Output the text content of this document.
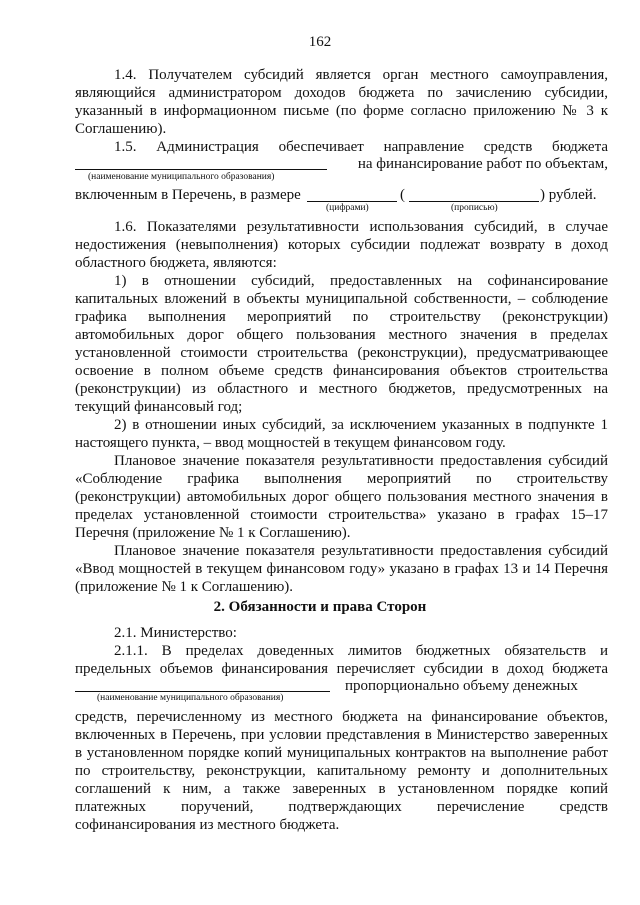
162
1.4. Получателем субсидий является орган местного самоуправления,
являющийся администратором доходов бюджета по зачислению субсидии,
указанный в информационном письме (по форме согласно приложению № 3 к
Соглашению).
1.5. Администрация обеспечивает направление средств бюджета
на финансирование работ по объектам,
(наименование муниципального образования)
включенным в Перечень, в размере	(	) рублей.
(цифрами)	(прописью)
1.6. Показателями результативности использования субсидий, в случае
недостижения (невыполнения) которых субсидии подлежат возврату в доход
областного бюджета, являются:
1) в отношении субсидий, предоставленных на софинансирование
капитальных вложений в объекты муниципальной собственности, – соблюдение
графика выполнения мероприятий по строительству (реконструкции)
автомобильных дорог общего пользования местного значения в пределах
установленной стоимости строительства (реконструкции), предусматривающее
освоение в полном объеме средств финансирования объектов строительства
(реконструкции) из областного и местного бюджетов, предусмотренных на
текущий финансовый год;
2) в отношении иных субсидий, за исключением указанных в подпункте 1
настоящего пункта, – ввод мощностей в текущем финансовом году.
Плановое значение показателя результативности предоставления субсидий
«Соблюдение графика выполнения мероприятий по строительству
(реконструкции) автомобильных дорог общего пользования местного значения в
пределах установленной стоимости строительства» указано в графах 15–17
Перечня (приложение № 1 к Соглашению).
Плановое значение показателя результативности предоставления субсидий
«Ввод мощностей в текущем финансовом году» указано в графах 13 и 14 Перечня
(приложение № 1 к Соглашению).
2. Обязанности и права Сторон
2.1. Министерство:
2.1.1. В пределах доведенных лимитов бюджетных обязательств и
предельных объемов финансирования перечисляет субсидии в доход бюджета
пропорционально объему денежных
(наименование муниципального образования)
средств, перечисленному из местного бюджета на финансирование объектов,
включенных в Перечень, при условии представления в Министерство заверенных
в установленном порядке копий муниципальных контрактов на выполнение работ
по строительству, реконструкции, капитальному ремонту и дополнительных
соглашений к ним, а также заверенных в установленном порядке копий
платежных поручений, подтверждающих перечисление средств
софинансирования из местного бюджета.
